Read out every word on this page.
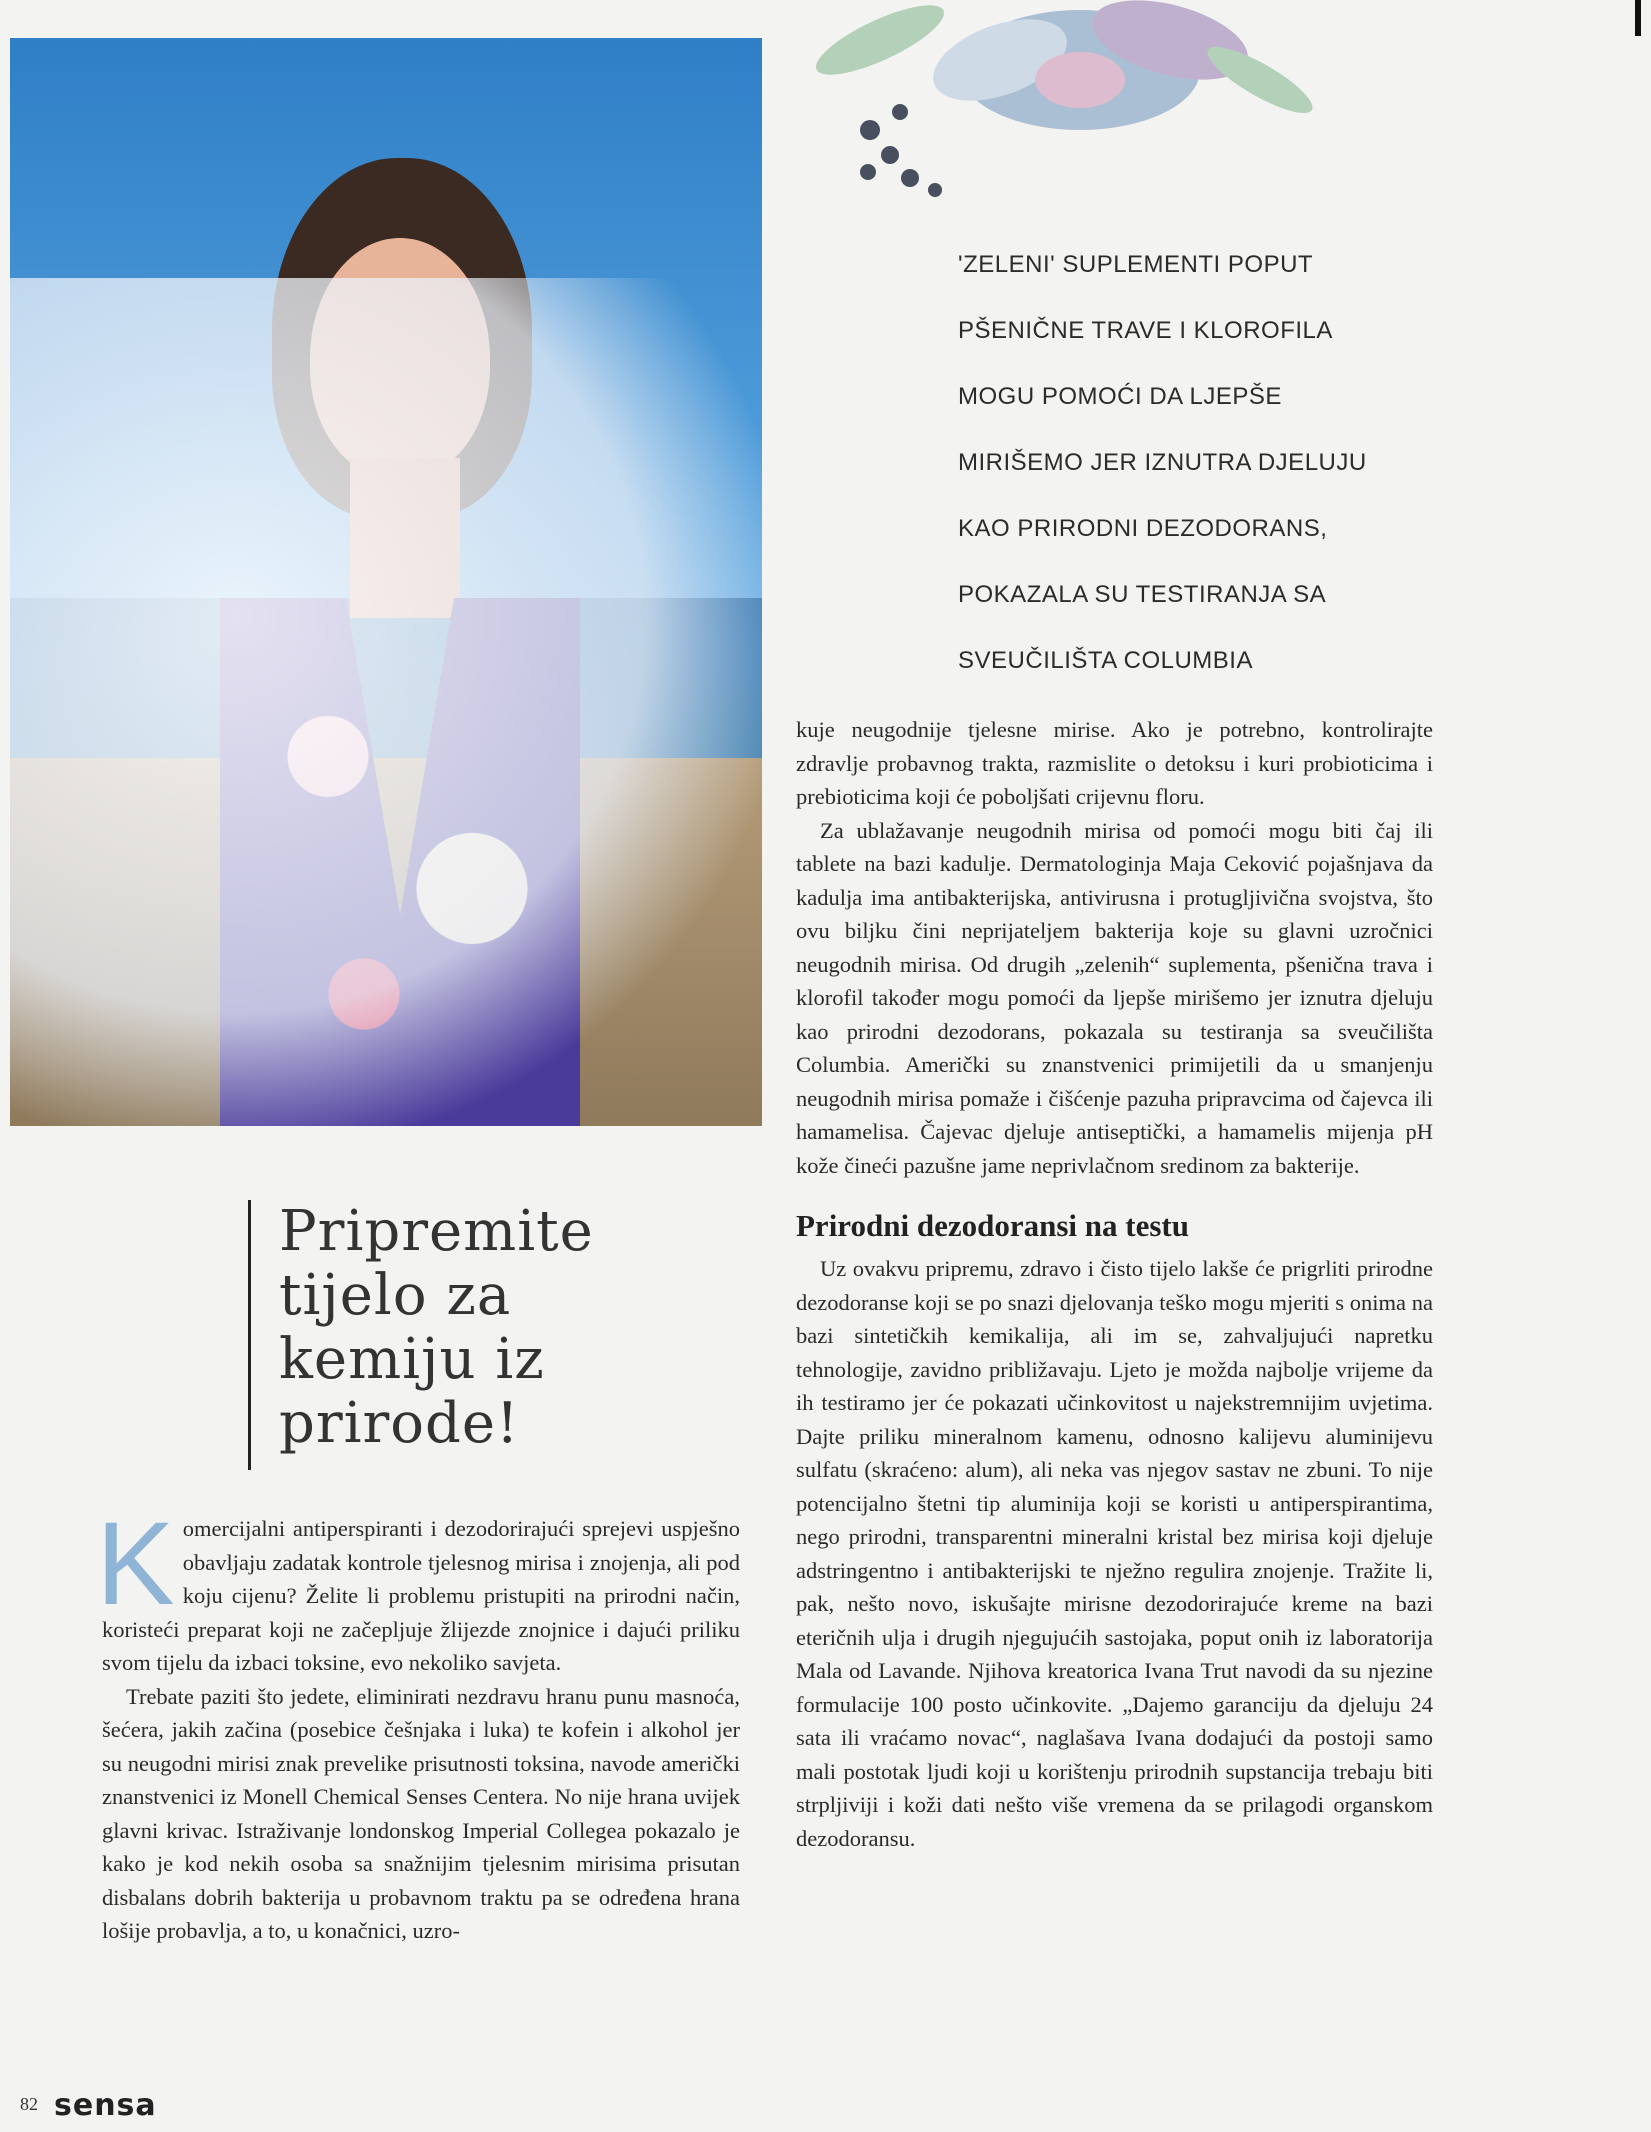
'ZELENI' SUPLEMENTI POPUT

PŠENIČNE TRAVE I KLOROFILA

MOGU POMOĆI DA LJEPŠE

MIRIŠEMO JER IZNUTRA DJELUJU

KAO PRIRODNI DEZODORANS,

POKAZALA SU TESTIRANJA SA

SVEUČILIŠTA COLUMBIA

Pripremite tijelo za kemiju iz prirode!

Komercijalni antiperspiranti i dezodorirajući sprejevi uspješno obavljaju zadatak kontrole tjelesnog mirisa i znojenja, ali pod koju cijenu? Želite li problemu pristupiti na prirodni način, koristeći preparat koji ne začepljuje žlijezde znojnice i dajući priliku svom tijelu da izbaci toksine, evo nekoliko savjeta.

Trebate paziti što jedete, eliminirati nezdravu hranu punu masnoća, šećera, jakih začina (posebice češnjaka i luka) te kofein i alkohol jer su neugodni mirisi znak prevelike prisutnosti toksina, navode američki znanstvenici iz Monell Chemical Senses Centera. No nije hrana uvijek glavni krivac. Istraživanje londonskog Imperial Collegea pokazalo je kako je kod nekih osoba sa snažnijim tjelesnim mirisima prisutan disbalans dobrih bakterija u probavnom traktu pa se određena hrana lošije probavlja, a to, u konačnici, uzro-

kuje neugodnije tjelesne mirise. Ako je potrebno, kontrolirajte zdravlje probavnog trakta, razmislite o detoksu i kuri probioticima i prebioticima koji će poboljšati crijevnu floru.

Za ublažavanje neugodnih mirisa od pomoći mogu biti čaj ili tablete na bazi kadulje. Dermatologinja Maja Ceković pojašnjava da kadulja ima antibakterijska, antivirusna i protugljivična svojstva, što ovu biljku čini neprijateljem bakterija koje su glavni uzročnici neugodnih mirisa. Od drugih „zelenih“ suplementa, pšenična trava i klorofil također mogu pomoći da ljepše mirišemo jer iznutra djeluju kao prirodni dezodorans, pokazala su testiranja sa sveučilišta Columbia. Američki su znanstvenici primijetili da u smanjenju neugodnih mirisa pomaže i čišćenje pazuha pripravcima od čajevca ili hamamelisa. Čajevac djeluje antiseptički, a hamamelis mijenja pH kože čineći pazušne jame neprivlačnom sredinom za bakterije.

Prirodni dezodoransi na testu

Uz ovakvu pripremu, zdravo i čisto tijelo lakše će prigrliti prirodne dezodoranse koji se po snazi djelovanja teško mogu mjeriti s onima na bazi sintetičkih kemikalija, ali im se, zahvaljujući napretku tehnologije, zavidno približavaju. Ljeto je možda najbolje vrijeme da ih testiramo jer će pokazati učinkovitost u najekstremnijim uvjetima. Dajte priliku mineralnom kamenu, odnosno kalijevu aluminijevu sulfatu (skraćeno: alum), ali neka vas njegov sastav ne zbuni. To nije potencijalno štetni tip aluminija koji se koristi u antiperspirantima, nego prirodni, transparentni mineralni kristal bez mirisa koji djeluje adstringentno i antibakterijski te nježno regulira znojenje. Tražite li, pak, nešto novo, iskušajte mirisne dezodorirajuće kreme na bazi eteričnih ulja i drugih njegujućih sastojaka, poput onih iz laboratorija Mala od Lavande. Njihova kreatorica Ivana Trut navodi da su njezine formulacije 100 posto učinkovite. „Dajemo garanciju da djeluju 24 sata ili vraćamo novac“, naglašava Ivana dodajući da postoji samo mali postotak ljudi koji u korištenju prirodnih supstancija trebaju biti strpljiviji i koži dati nešto više vremena da se prilagodi organskom dezodoransu.

82 sensa
